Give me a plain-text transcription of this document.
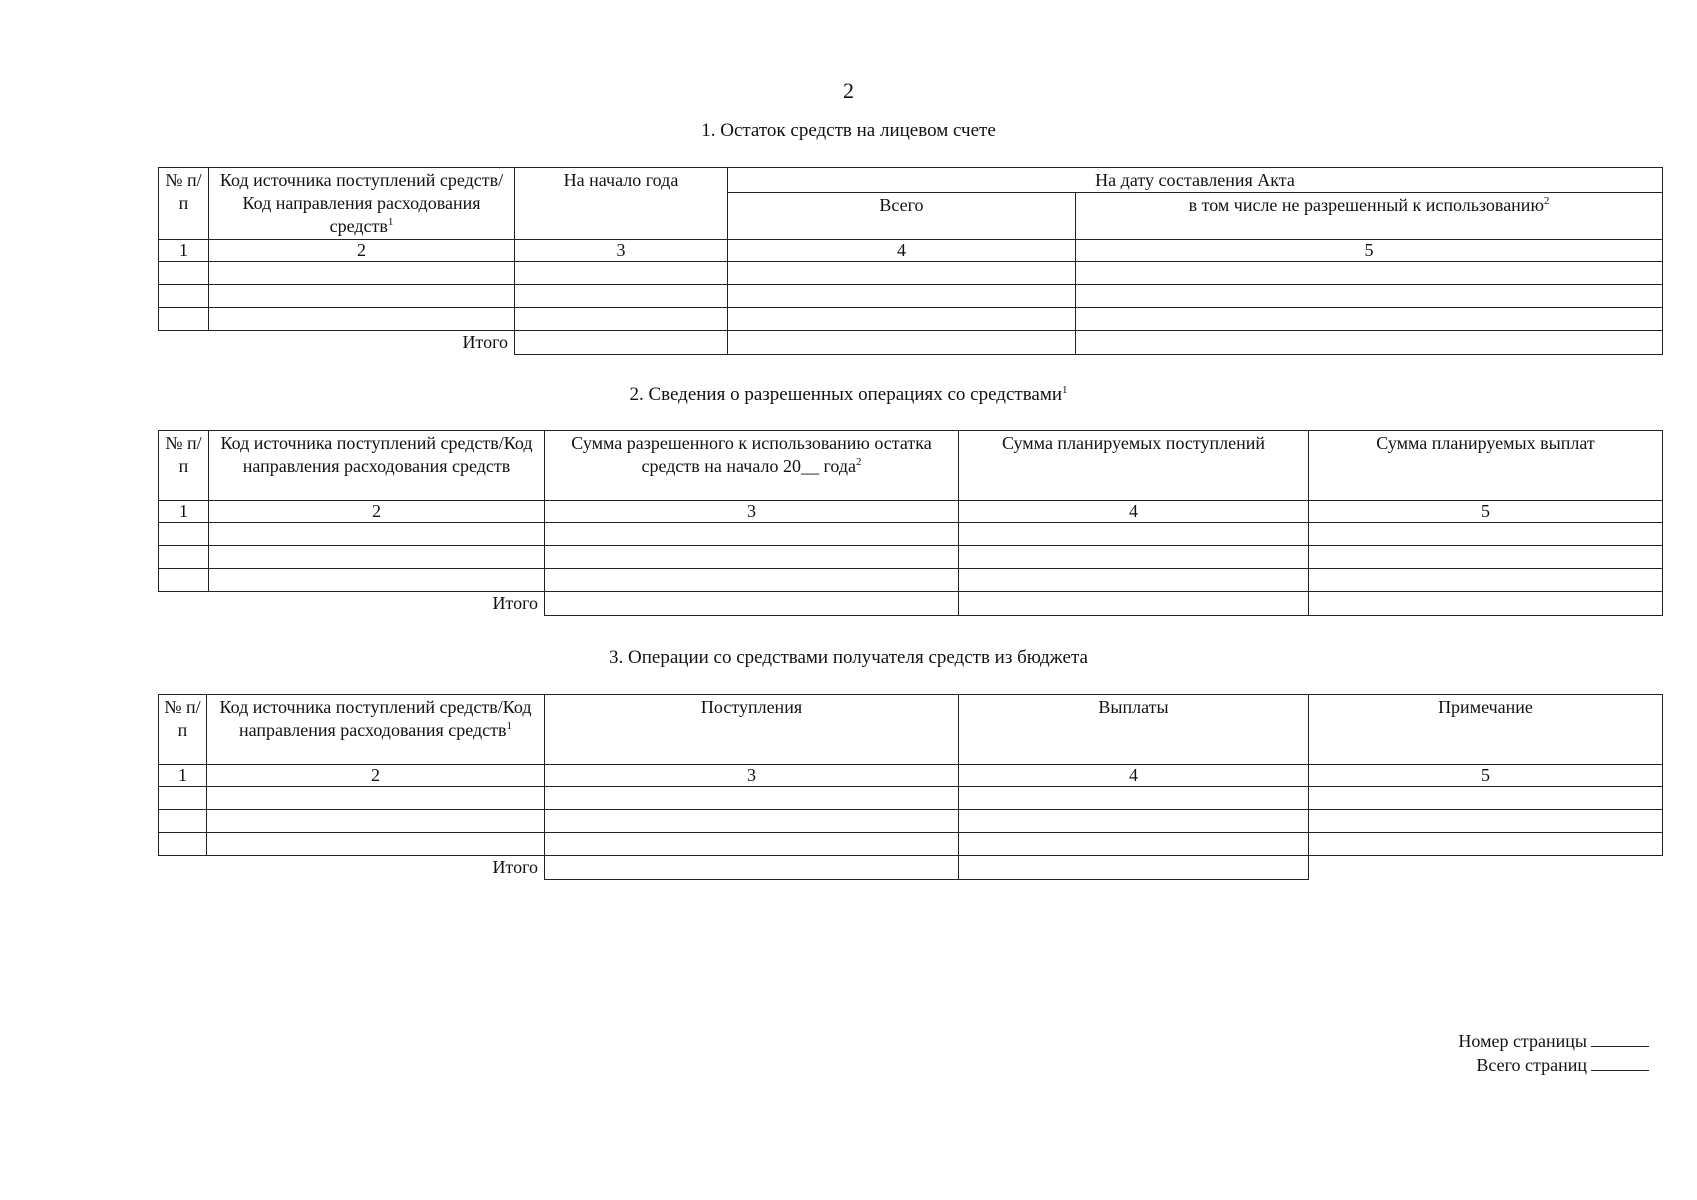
2
1. Остаток средств на лицевом счете
№ п/п	Код источника поступлений средств/Код направления расходования средств$^1$	На начало года	На дату составления Акта	
			Всего	в том числе не разрешенный к использованию$^2$
1	2	3	4	5

	Итого			
2. Сведения о разрешенных операциях со средствами$^1$
№ п/п	Код источника поступлений средств/Код направления расходования средств	Сумма разрешенного к использованию остатка средств на начало 20__ года$^2$	Сумма планируемых поступлений	Сумма планируемых выплат
1	2	3	4	5

	Итого			
3. Операции со средствами получателя средств из бюджета
№ п/п	Код источника поступлений средств/Код направления расходования средств$^1$	Поступления	Выплаты	Примечание
1	2	3	4	5

	Итого			
Номер страницы
Всего страниц
